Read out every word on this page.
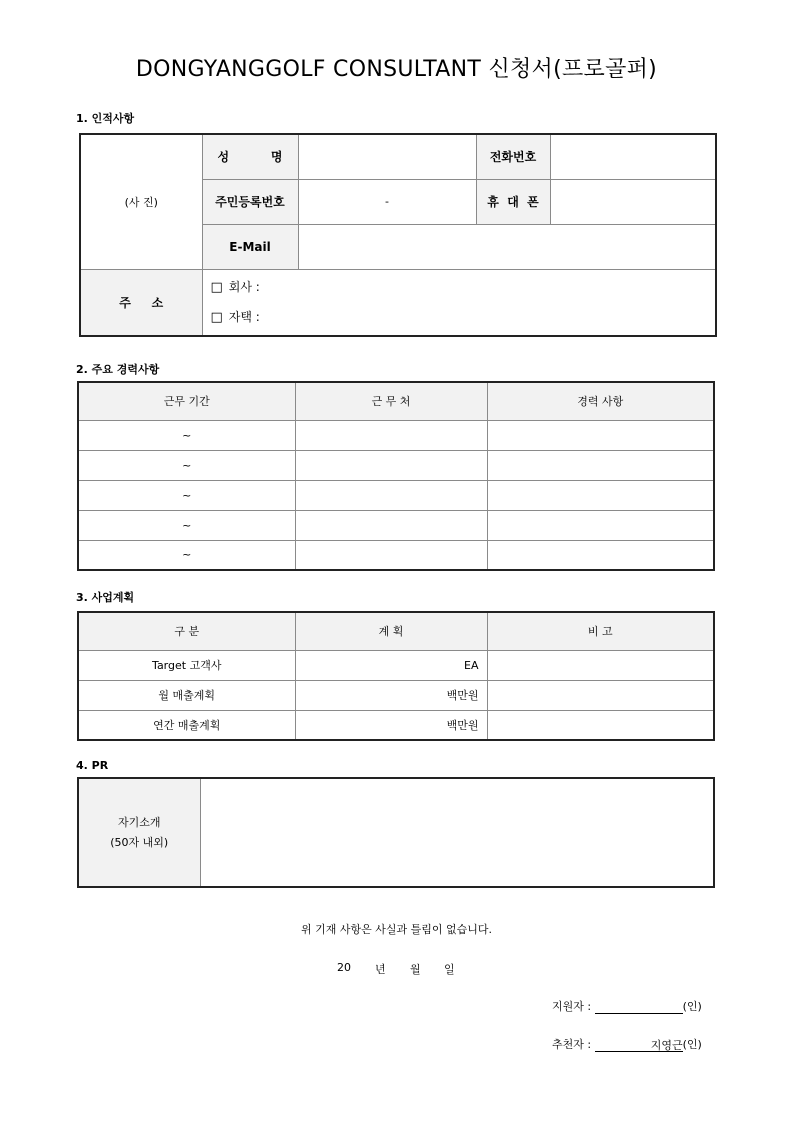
DONGYANGGOLF CONSULTANT 신청서(프로골퍼)
1. 인적사항
(사 진)	성          명		전화번호	
	주민등록번호	-	휴  대  폰	
	E-Mail			
주     소	□ 회사 :
□ 자택 :			
2. 주요 경력사항
근무 기간	근 무 처	경력 사항
~		
~		
~		
~		
~		
3. 사업계획
구 분	계 획	비 고
Target 고객사	EA	
월 매출계획	백만원	
연간 매출계획	백만원	
4. PR
자기소개
(50자 내외)

위 기재 사항은 사실과 틀림이 없습니다.
20 년 월 일
지원자 :	(인)
추천자 :	지영근(인)
